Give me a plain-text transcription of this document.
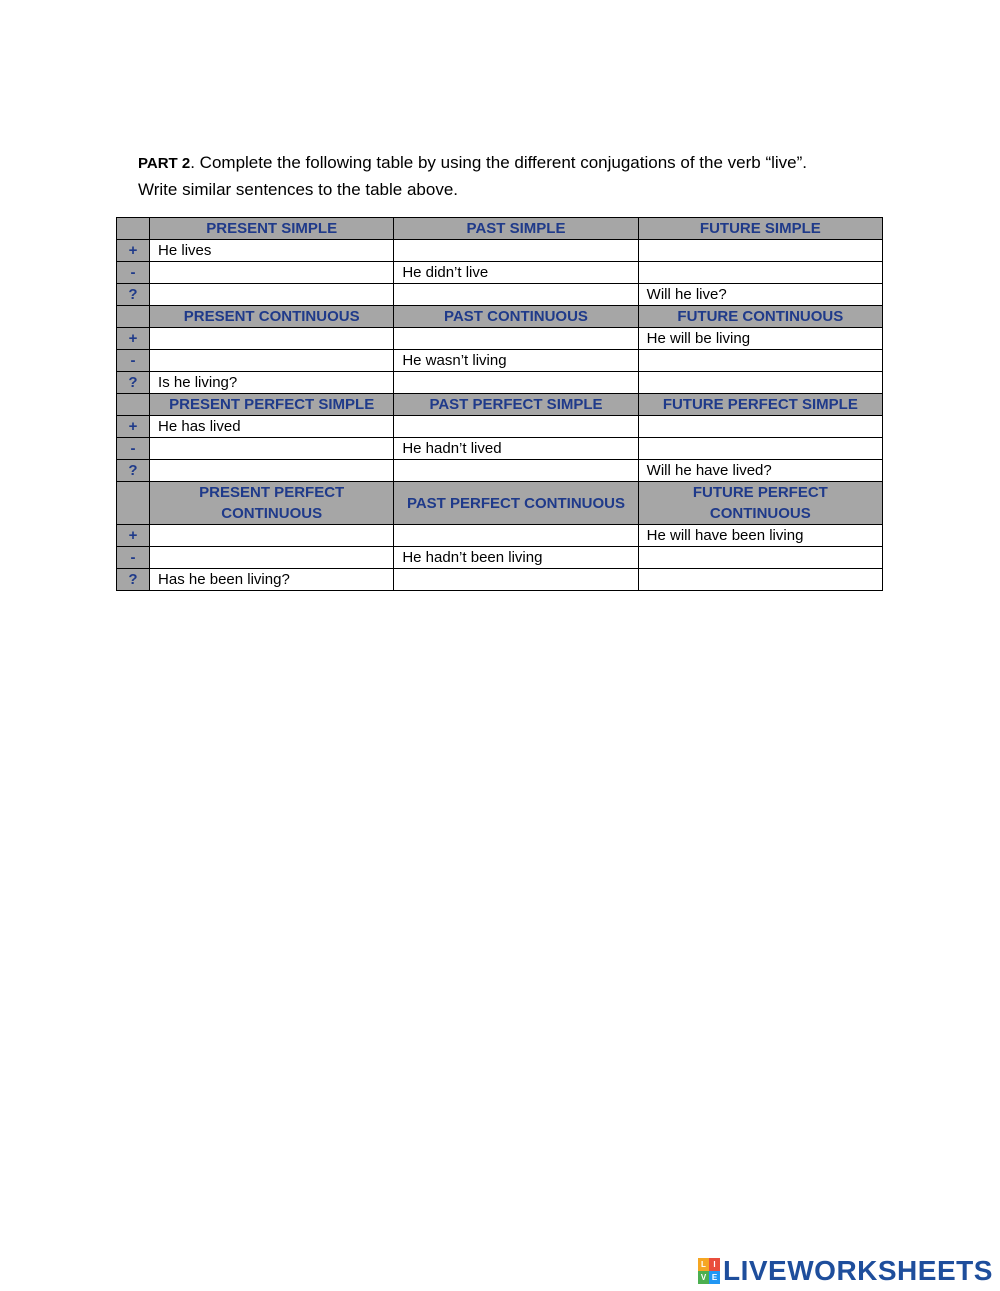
PART 2. Complete the following table by using the different conjugations of the verb “live”.
Write similar sentences to the table above.
	PRESENT SIMPLE	PAST SIMPLE	FUTURE SIMPLE
+	He lives		
-		He didn’t live	
?			Will he live?
	PRESENT CONTINUOUS	PAST CONTINUOUS	FUTURE CONTINUOUS
+			He will be living
-		He wasn’t living	
?	Is he living?		
	PRESENT PERFECT SIMPLE	PAST PERFECT SIMPLE	FUTURE PERFECT SIMPLE
+	He has lived		
-		He hadn’t lived	
?			Will he have lived?
	PRESENT PERFECT CONTINUOUS	PAST PERFECT CONTINUOUS	FUTURE PERFECT CONTINUOUS
+			He will have been living
-		He hadn’t been living	
?	Has he been living?		
L I
V E LIVEWORKSHEETS
